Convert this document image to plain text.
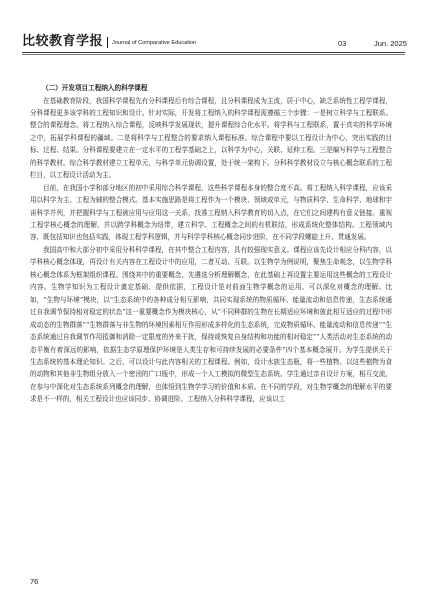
比较教育学报 Journal of Comparative Education	03	Jun. 2025
（二）开发项目工程纳入的科学课程

在基础教育阶段，我国科学课程先有分科课程后有综合课程，且分科课程成为主流，居于中心，缺乏系统性工程学课程，分科课程更多该学科的工程知识和设计。针对实际，开发将工程纳入的科学课程需遵循三个步骤：一是树立科学与工程联系。整合的课程理念。将工程纳入综合课程，反映科学发展现状，提升课程综合化水平。将学科与工程联系，置于真实的科学环境之中，拓展学科课程的疆域。二是将科学与工程整合的要求纳入课程标准。综合课程中要以工程设计为中心，突出实践的目标、过程、结果。分科课程要建立在一定水平的工程学基础之上，以科学为中心，关联、延伸工程。三是编写科学与工程整合的科学教材。综合科学教材建立工程单元，与科学单元协调设置，处于统一架构下。分科科学教材设立与核心概念联系的工程栏目，以工程设计活动为主。

目前，在我国小学和部分地区的初中采用综合科学课程，这些科学课程本身的整合度不高。将工程纳入科学课程，应该采用以科学为主、工程为辅的整合模式。基本实施思路是将工程作为一个模块、领域或单元，与物质科学、生命科学、地球和宇宙科学并列，并把握科学与工程被应用与应用这一关系，找准工程纳入科学教育的切入点，在它们之间建构有意义链接。重视工程学核心概念的理解，并以跨学科概念为纽带，建立科学、工程概念之间的有机联结，形成系统化整体结构。工程领域内容，既包括知识也包括实践，体现工程学科逻辑，并与科学学科核心概念同步进阶，在不同学段螺旋上升、贯通发展。

我国高中和大部分初中采用分科科学课程，在其中整合工程内容，具有较强现实意义。课程应该先设计相应分科内容，以学科核心概念体现，再设计有关内容在工程设计中的应用，二者互动、互联。以生物学为例说明，聚焦生命观念，以生物学科核心概念体系为框架组织课程。围绕其中的重要概念，先遴选分析理解概念，在此基础上再设置主要运用这些概念的工程设计内容。生物学知识为工程设计奠定基础、提供依据，工程设计是对前面生物学概念的运用、可以深化对概念的理解。比如，“生物与环境”模块，以“生态系统中的各种成分相互影响，共同实现系统的物质循环、能量流动和信息传递，生态系统通过自我调节保持相对稳定的状态”这一重要概念作为模块核心，从“不同种群的生物在长期适应环境和彼此相互适应的过程中形成动态的生物群落”“生物群落与非生物的环境因素相互作用形成多样化的生态系统，完成物质循环、能量流动和信息传递”“生态系统通过自我调节作用抵御和消除一定限度的外来干扰，保持或恢复自身结构和功能的相对稳定”“人类活动对生态系统的动态平衡有着深远的影响，依据生态学原理保护环境是人类生存和可持续发展的必要条件”四个基本概念展开。为学生提供关于生态系统的基本理论知识。之后，可以设计与此内容相关的工程课程。例如，设计水族生态瓶，将一些植物、以这些植物为食的动物和其他非生物组分放入一个密闭的广口瓶中，形成一个人工模拟的微型生态系统。学生通过亲自设计方案，相互交流，在参与中深化对生态系统系列概念的理解，也体悟到生物学学习的价值和本质。在不同的学段，对生物学概念的理解水平的要求是不一样的，相关工程设计也应该同步、协调进阶。工程纳入分科科学课程，应该以工

76
